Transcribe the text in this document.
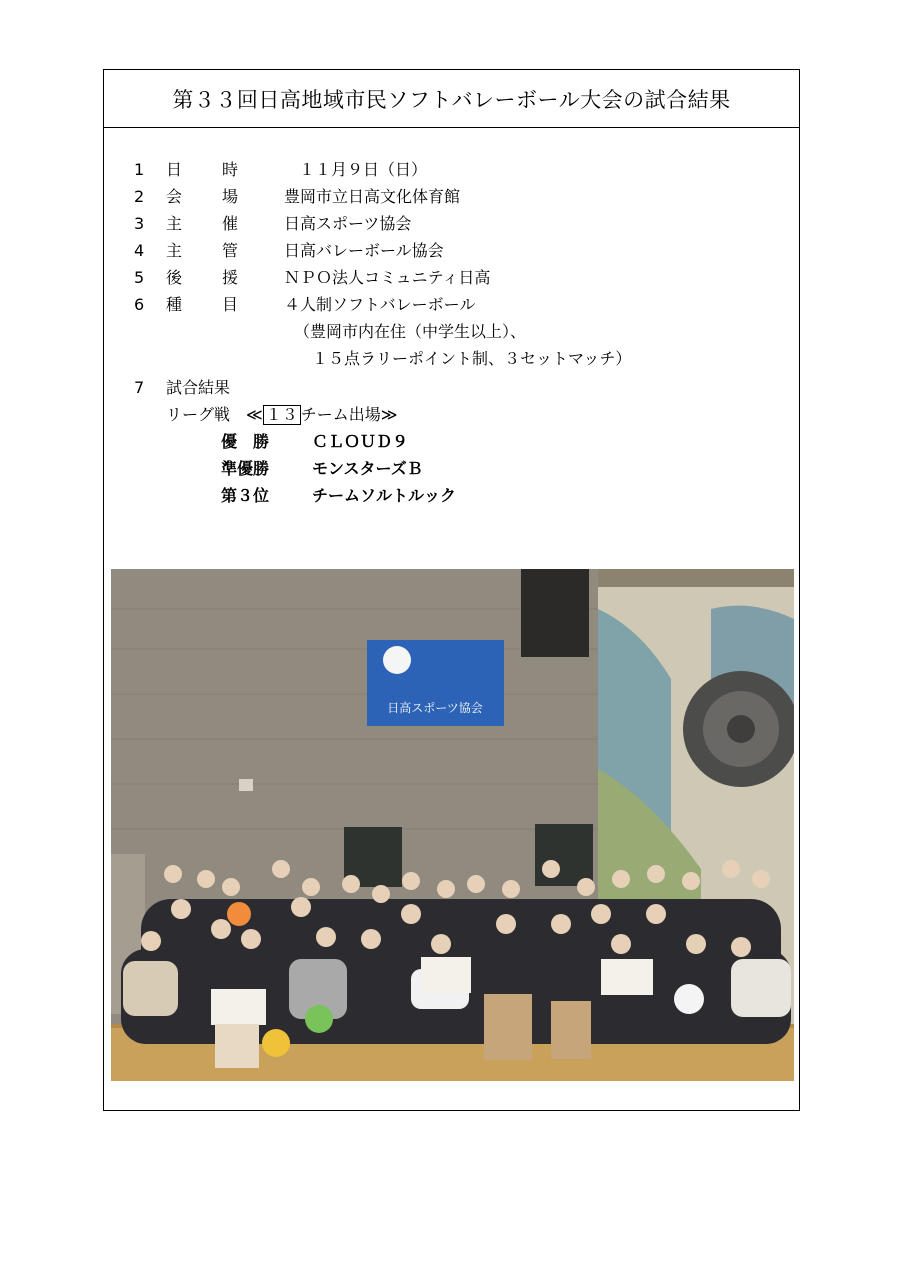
第３３回日高地域市民ソフトバレーボール大会の試合結果
1 日 時	１１月９日（日）
2 会 場	豊岡市立日高文化体育館
3 主 催	日高スポーツ協会
4 主 管	日高バレーボール協会
5 後 援	ＮＰＯ法人コミュニティ日高
6 種 目	４人制ソフトバレーボール
（豊岡市内在住（中学生以上）、
１５点ラリーポイント制、３セットマッチ）
7 試合結果
リーグ戦　≪ １３ チーム出場≫
優　勝	ＣＬＯＵＤ９
準優勝	モンスターズＢ
第３位	チームソルトルック
日高スポーツ協会
